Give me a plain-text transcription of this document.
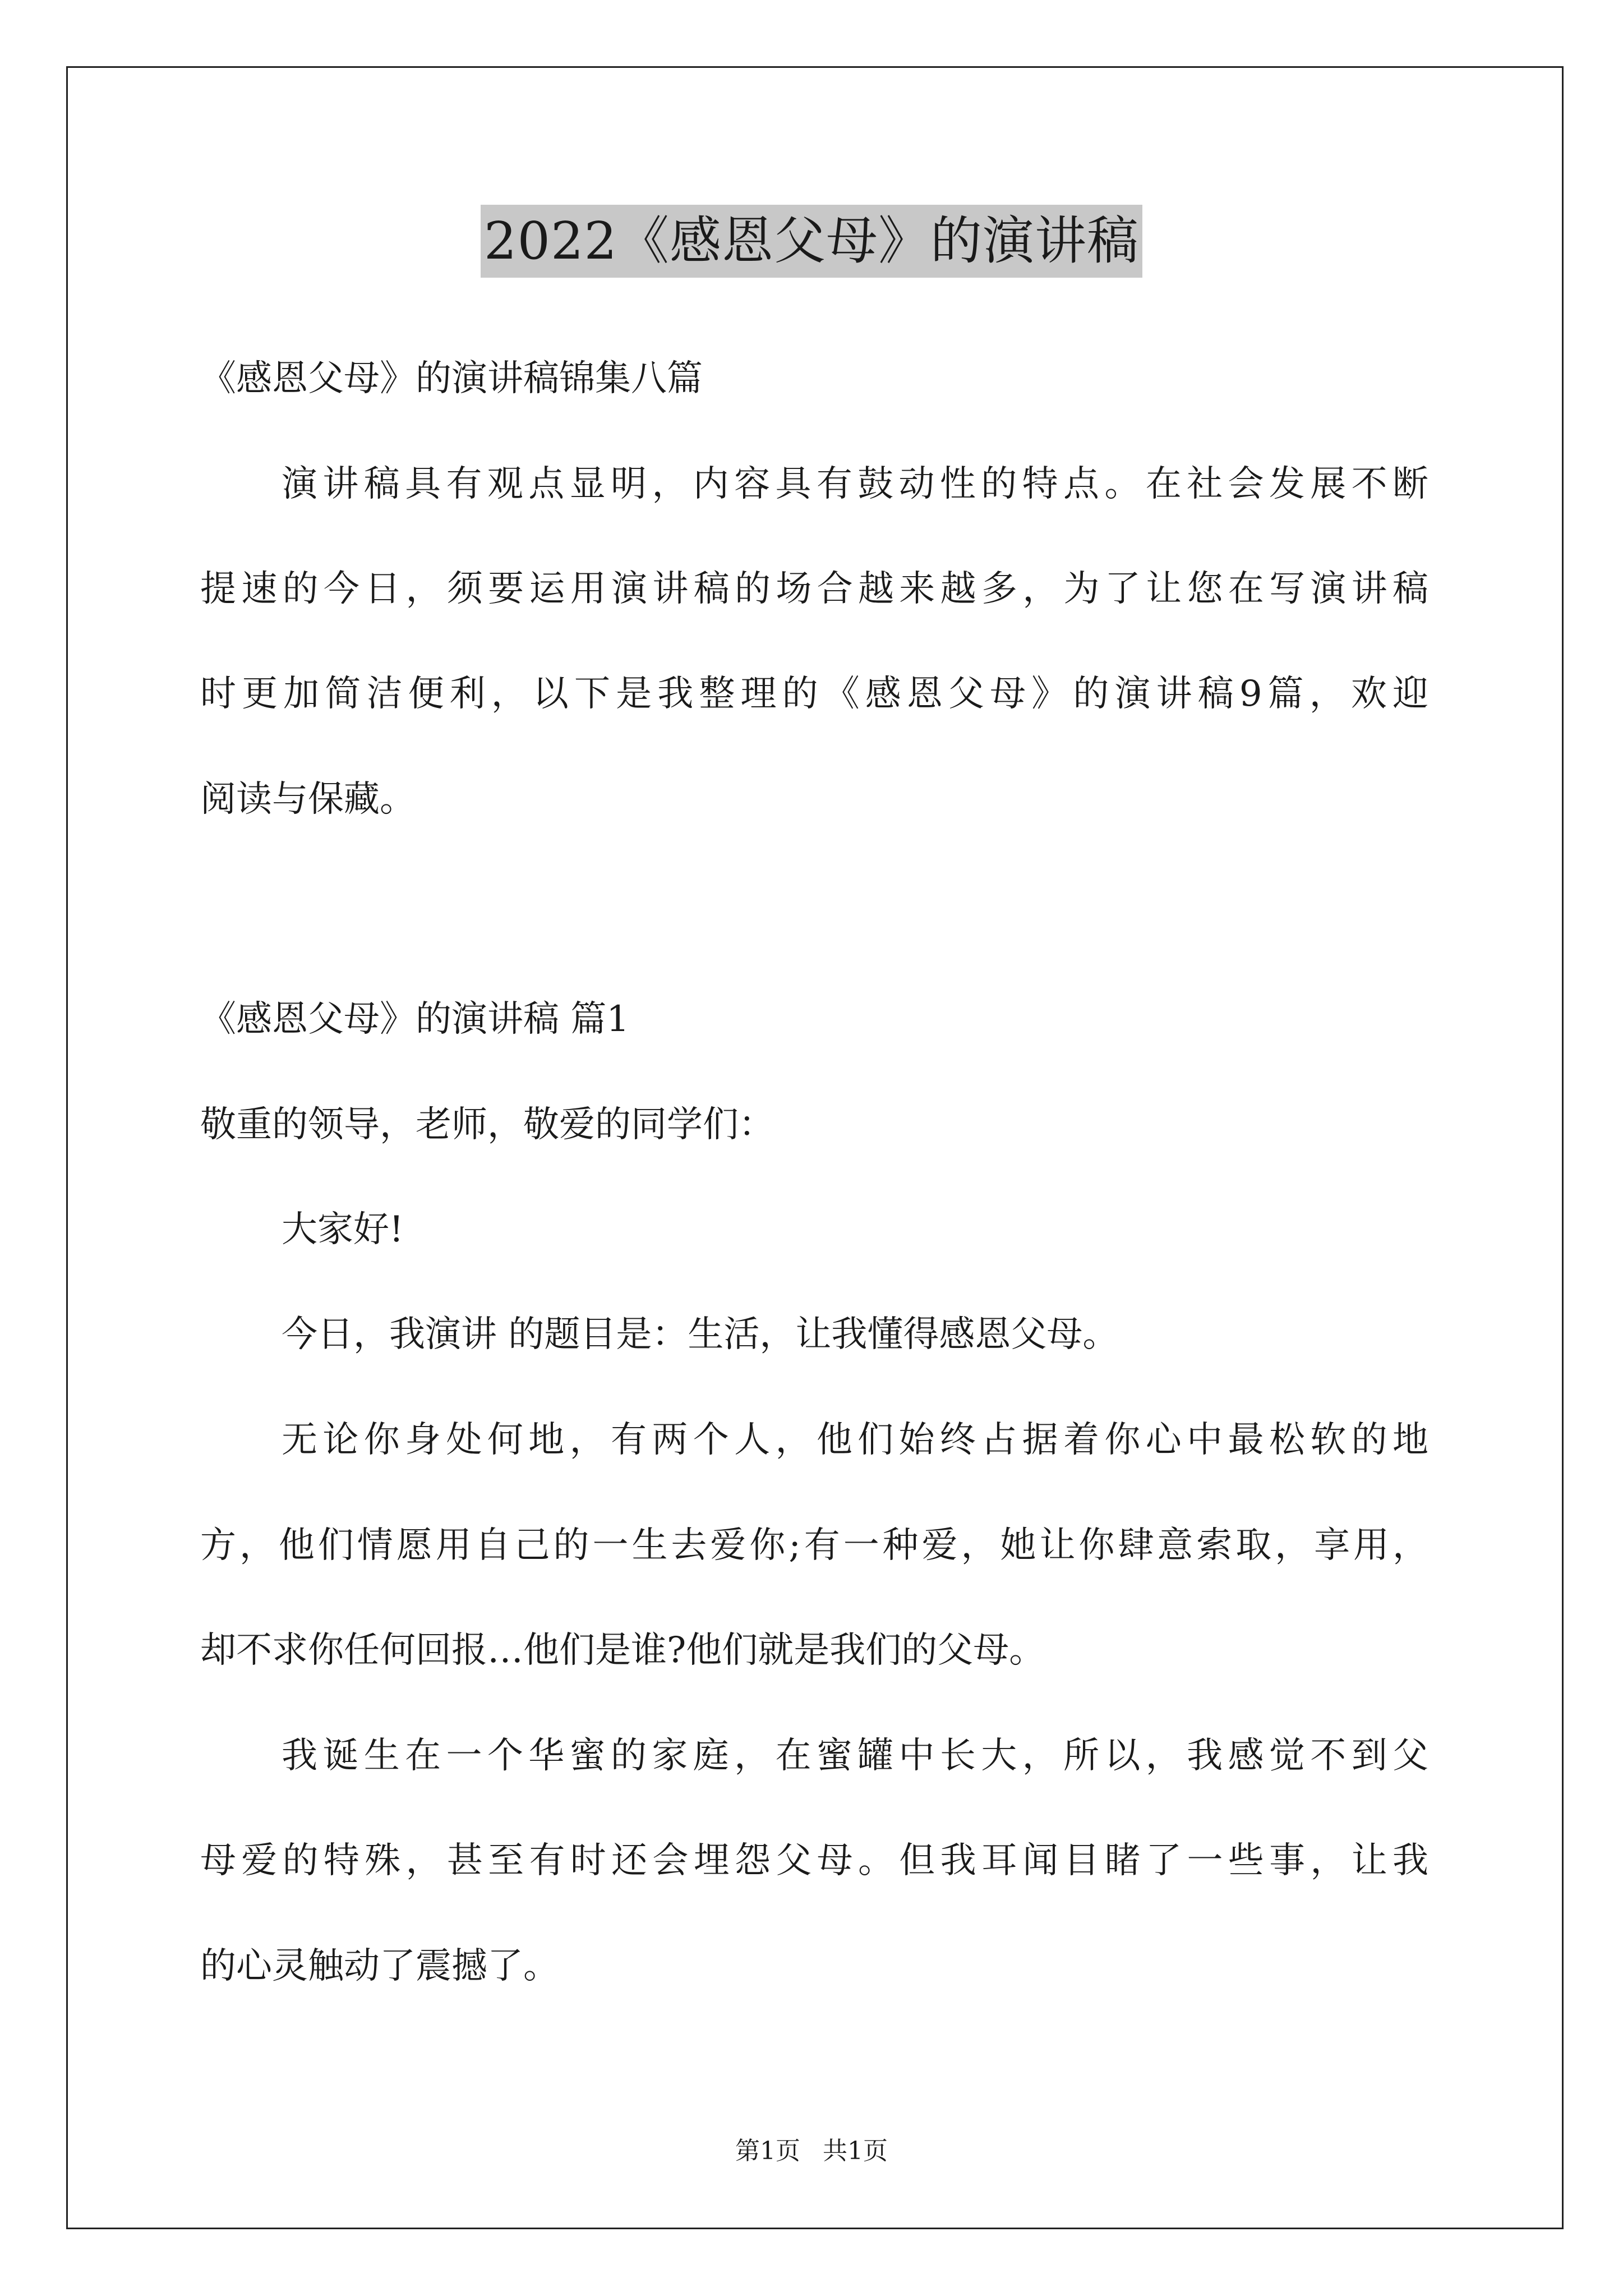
2022《感恩父母》的演讲稿
《感恩父母》的演讲稿锦集八篇
演讲稿具有观点显明，内容具有鼓动性的特点。在社会发展不断
提速的今日，须要运用演讲稿的场合越来越多，为了让您在写演讲稿
时更加简洁便利，以下是我整理的《感恩父母》的演讲稿9篇，欢迎
阅读与保藏。
《感恩父母》的演讲稿 篇1
敬重的领导，老师，敬爱的同学们：
大家好!
今日，我演讲 的题目是：生活，让我懂得感恩父母。
无论你身处何地，有两个人，他们始终占据着你心中最松软的地
方，他们情愿用自己的一生去爱你;有一种爱，她让你肆意索取，享用，
却不求你任何回报…他们是谁?他们就是我们的父母。
我诞生在一个华蜜的家庭，在蜜罐中长大，所以，我感觉不到父
母爱的特殊，甚至有时还会埋怨父母。但我耳闻目睹了一些事，让我
的心灵触动了震撼了。
第1页 共1页
